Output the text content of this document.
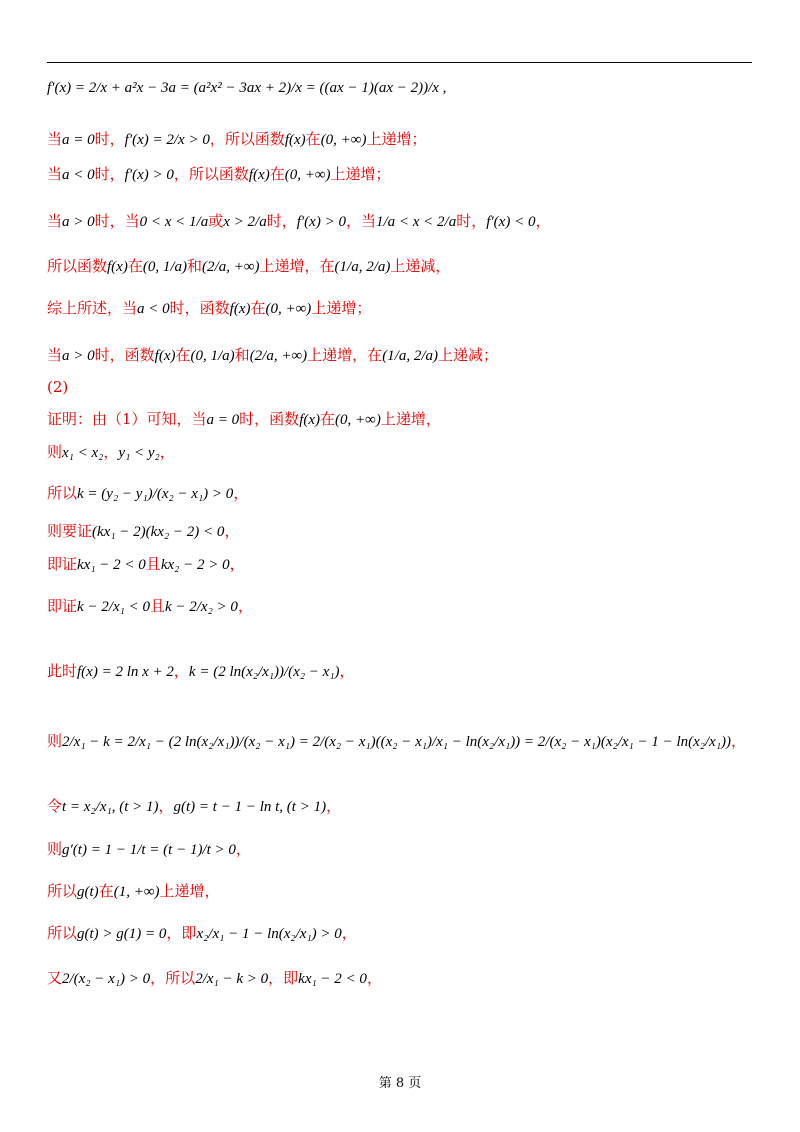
f′(x) = 2/x + a²x − 3a = (a²x² − 3ax + 2)/x = ((ax − 1)(ax − 2))/x ,
当a = 0时，f′(x) = 2/x > 0，所以函数f(x)在(0, +∞)上递增；
当a < 0时，f′(x) > 0，所以函数f(x)在(0, +∞)上递增；
当a > 0时，当0 < x < 1/a或x > 2/a时，f′(x) > 0，当1/a < x < 2/a时，f′(x) < 0，
所以函数f(x)在(0, 1/a)和(2/a, +∞)上递增，在(1/a, 2/a)上递减，
综上所述，当a < 0时，函数f(x)在(0, +∞)上递增；
当a > 0时，函数f(x)在(0, 1/a)和(2/a, +∞)上递增，在(1/a, 2/a)上递减；
(2)
证明：由（1）可知，当a = 0时，函数f(x)在(0, +∞)上递增，
则x₁ < x₂，y₁ < y₂，
所以k = (y₂ − y₁)/(x₂ − x₁) > 0，
则要证(kx₁ − 2)(kx₂ − 2) < 0，
即证kx₁ − 2 < 0且kx₂ − 2 > 0，
即证k − 2/x₁ < 0且k − 2/x₂ > 0，
此时f(x) = 2 ln x + 2，k = (2 ln(x₂/x₁))/(x₂ − x₁)，
则2/x₁ − k = 2/x₁ − (2 ln(x₂/x₁))/(x₂ − x₁) = 2/(x₂ − x₁)((x₂ − x₁)/x₁ − ln(x₂/x₁)) = 2/(x₂ − x₁)(x₂/x₁ − 1 − ln(x₂/x₁))，
令t = x₂/x₁, (t > 1)，g(t) = t − 1 − ln t, (t > 1)，
则g′(t) = 1 − 1/t = (t − 1)/t > 0，
所以g(t)在(1, +∞)上递增，
所以g(t) > g(1) = 0，即x₂/x₁ − 1 − ln(x₂/x₁) > 0，
又2/(x₂ − x₁) > 0，所以2/x₁ − k > 0，即kx₁ − 2 < 0，
第 8 页
